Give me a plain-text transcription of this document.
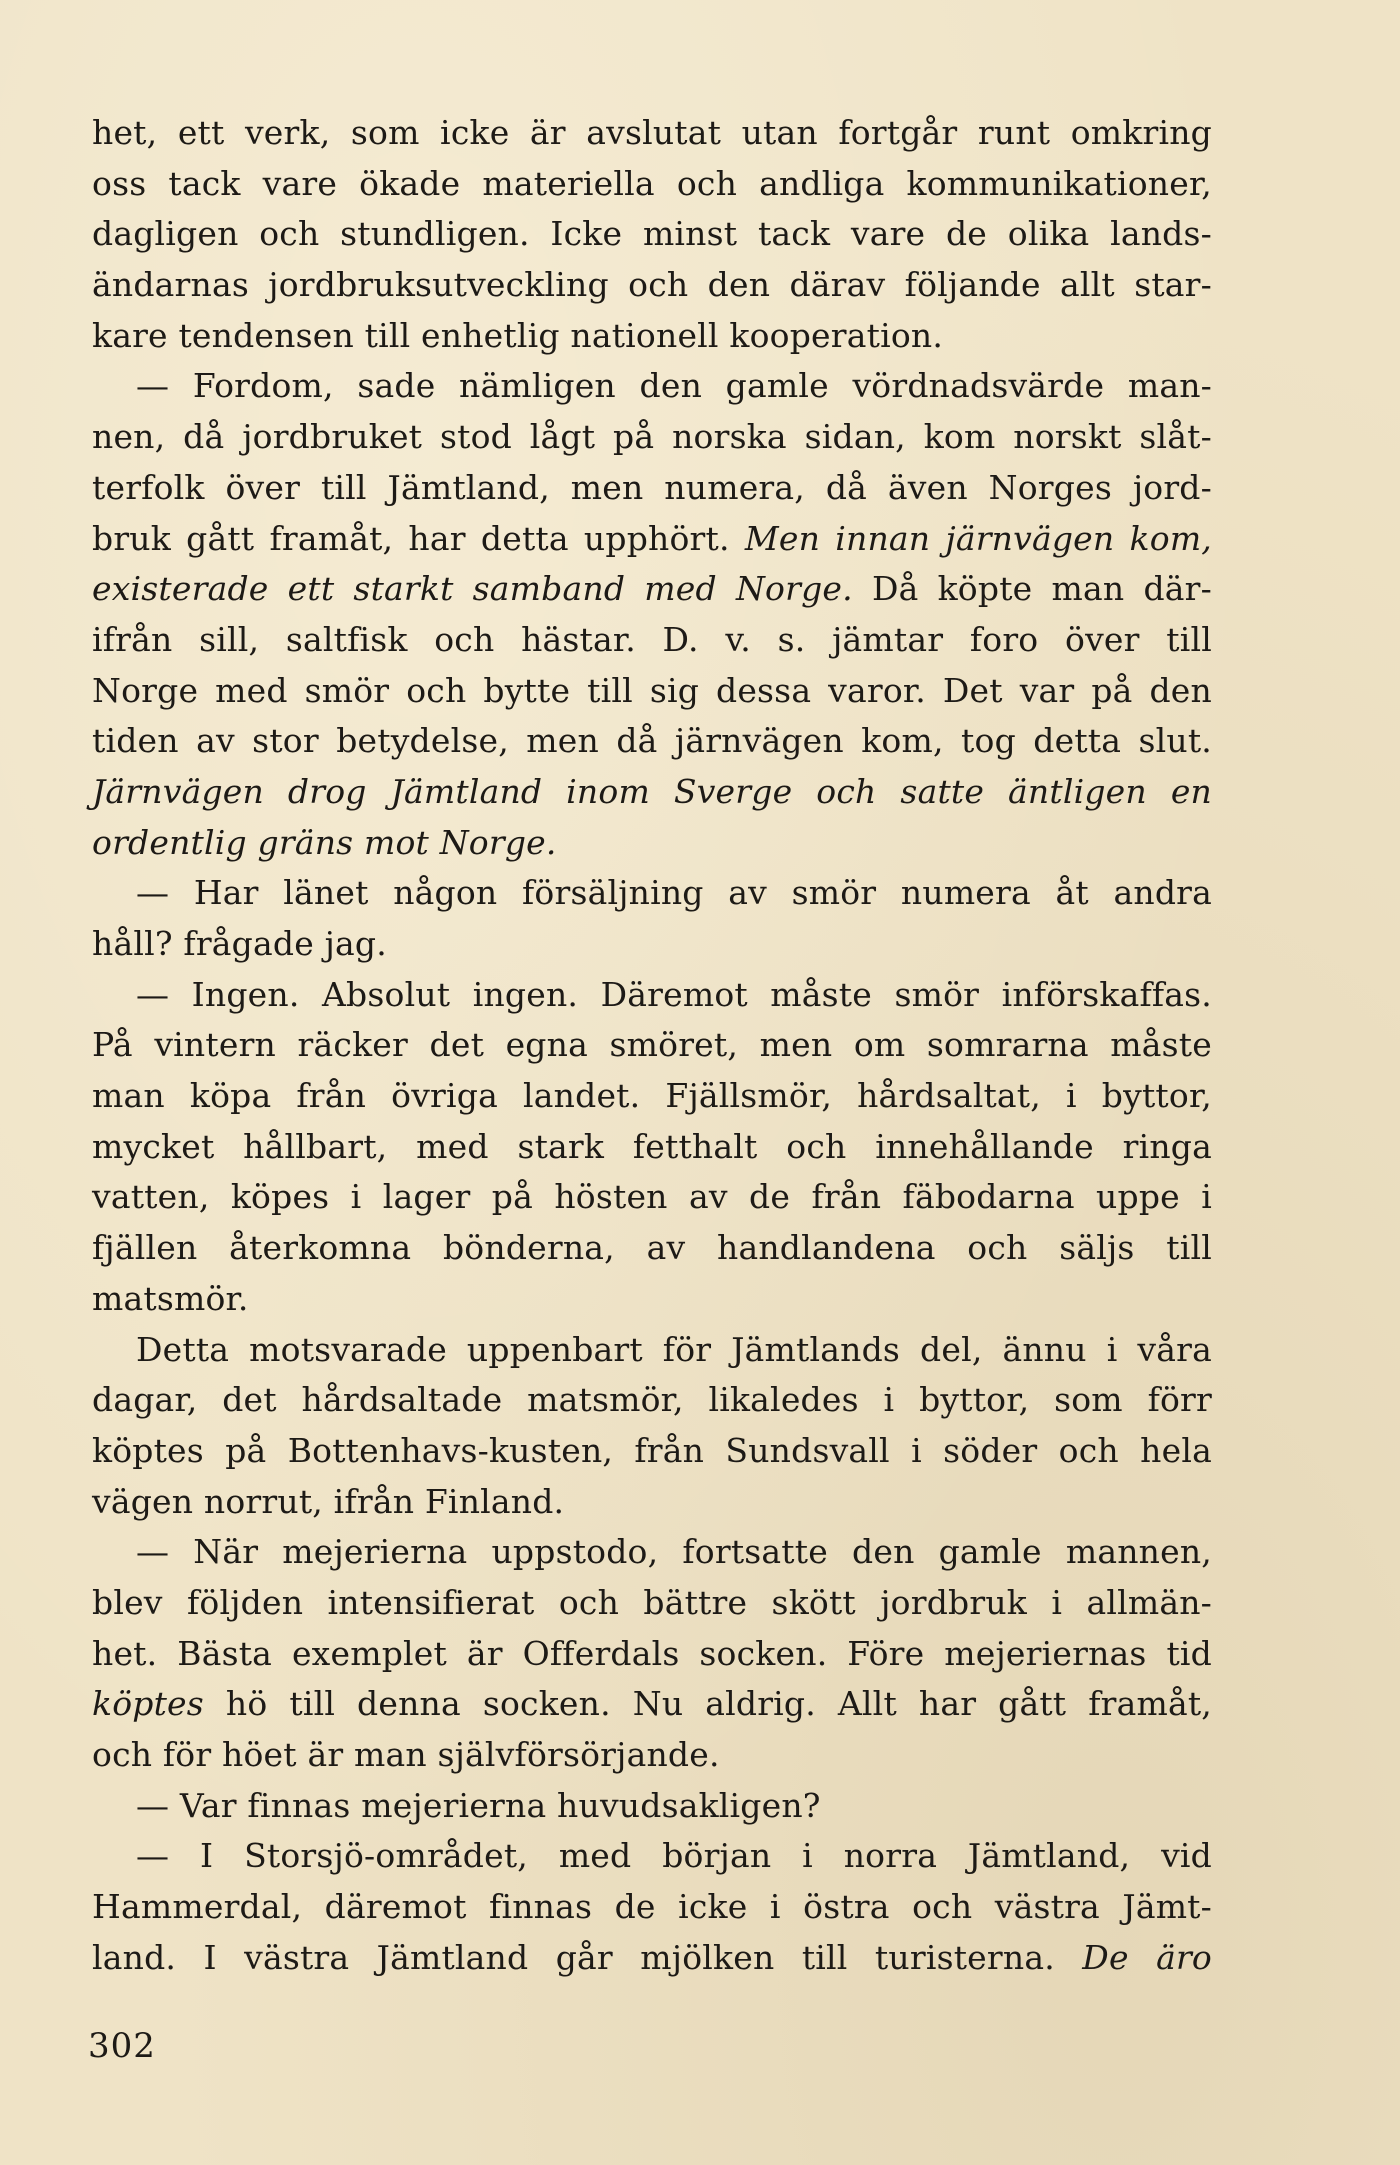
het, ett verk, som icke är avslutat utan fortgår runt omkring
oss tack vare ökade materiella och andliga kommunikationer,
dagligen och stundligen. Icke minst tack vare de olika lands-
ändarnas jordbruksutveckling och den därav följande allt star-
kare tendensen till enhetlig nationell kooperation.
— Fordom, sade nämligen den gamle vördnadsvärde man-
nen, då jordbruket stod lågt på norska sidan, kom norskt slåt-
terfolk över till Jämtland, men numera, då även Norges jord-
bruk gått framåt, har detta upphört. Men innan järnvägen kom,
existerade ett starkt samband med Norge. Då köpte man där-
ifrån sill, saltfisk och hästar. D. v. s. jämtar foro över till
Norge med smör och bytte till sig dessa varor. Det var på den
tiden av stor betydelse, men då järnvägen kom, tog detta slut.
Järnvägen drog Jämtland inom Sverge och satte äntligen en
ordentlig gräns mot Norge.
— Har länet någon försäljning av smör numera åt andra
håll? frågade jag.
— Ingen. Absolut ingen. Däremot måste smör införskaffas.
På vintern räcker det egna smöret, men om somrarna måste
man köpa från övriga landet. Fjällsmör, hårdsaltat, i byttor,
mycket hållbart, med stark fetthalt och innehållande ringa
vatten, köpes i lager på hösten av de från fäbodarna uppe i
fjällen återkomna bönderna, av handlandena och säljs till
matsmör.
Detta motsvarade uppenbart för Jämtlands del, ännu i våra
dagar, det hårdsaltade matsmör, likaledes i byttor, som förr
köptes på Bottenhavs-kusten, från Sundsvall i söder och hela
vägen norrut, ifrån Finland.
— När mejerierna uppstodo, fortsatte den gamle mannen,
blev följden intensifierat och bättre skött jordbruk i allmän-
het. Bästa exemplet är Offerdals socken. Före mejeriernas tid
köptes hö till denna socken. Nu aldrig. Allt har gått framåt,
och för höet är man självförsörjande.
— Var finnas mejerierna huvudsakligen?
— I Storsjö-området, med början i norra Jämtland, vid
Hammerdal, däremot finnas de icke i östra och västra Jämt-
land. I västra Jämtland går mjölken till turisterna. De äro
302
